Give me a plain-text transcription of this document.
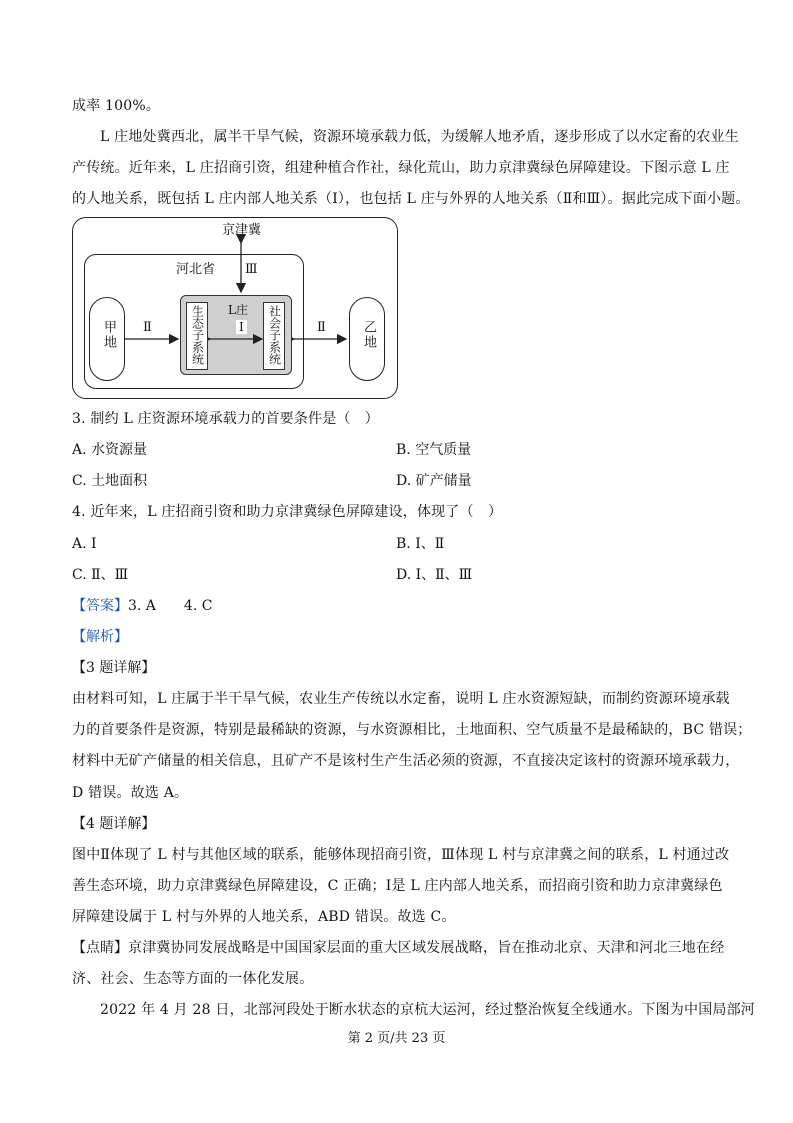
成率 100%。
L 庄地处冀西北，属半干旱气候，资源环境承载力低，为缓解人地矛盾，逐步形成了以水定畜的农业生
产传统。近年来，L 庄招商引资，组建种植合作社，绿化荒山，助力京津冀绿色屏障建设。下图示意 L 庄
的人地关系，既包括 L 庄内部人地关系（Ⅰ），也包括 L 庄与外界的人地关系（Ⅱ和Ⅲ）。据此完成下面小题。
京津冀
Ⅲ
河北省
甲地	乙地
Ⅱ	Ⅱ
L庄
Ⅰ
生态子系统	社会子系统
3. 制约 L 庄资源环境承载力的首要条件是（　）
A. 水资源量	B. 空气质量
C. 土地面积	D. 矿产储量
4. 近年来，L 庄招商引资和助力京津冀绿色屏障建设，体现了（　）
A. Ⅰ	B. Ⅰ、Ⅱ
C. Ⅱ、Ⅲ	D. Ⅰ、Ⅱ、Ⅲ
【答案】3. A　　4. C
【解析】
【3 题详解】
由材料可知，L 庄属于半干旱气候，农业生产传统以水定畜，说明 L 庄水资源短缺，而制约资源环境承载
力的首要条件是资源，特别是最稀缺的资源，与水资源相比，土地面积、空气质量不是最稀缺的，BC 错误；
材料中无矿产储量的相关信息，且矿产不是该村生产生活必须的资源，不直接决定该村的资源环境承载力，
D 错误。故选 A。
【4 题详解】
图中Ⅱ体现了 L 村与其他区域的联系，能够体现招商引资，Ⅲ体现 L 村与京津冀之间的联系，L 村通过改
善生态环境，助力京津冀绿色屏障建设，C 正确；Ⅰ是 L 庄内部人地关系，而招商引资和助力京津冀绿色
屏障建设属于 L 村与外界的人地关系，ABD 错误。故选 C。
【点睛】京津冀协同发展战略是中国国家层面的重大区域发展战略，旨在推动北京、天津和河北三地在经
济、社会、生态等方面的一体化发展。
2022 年 4 月 28 日，北部河段处于断水状态的京杭大运河，经过整治恢复全线通水。下图为中国局部河
第 2 页/共 23 页
